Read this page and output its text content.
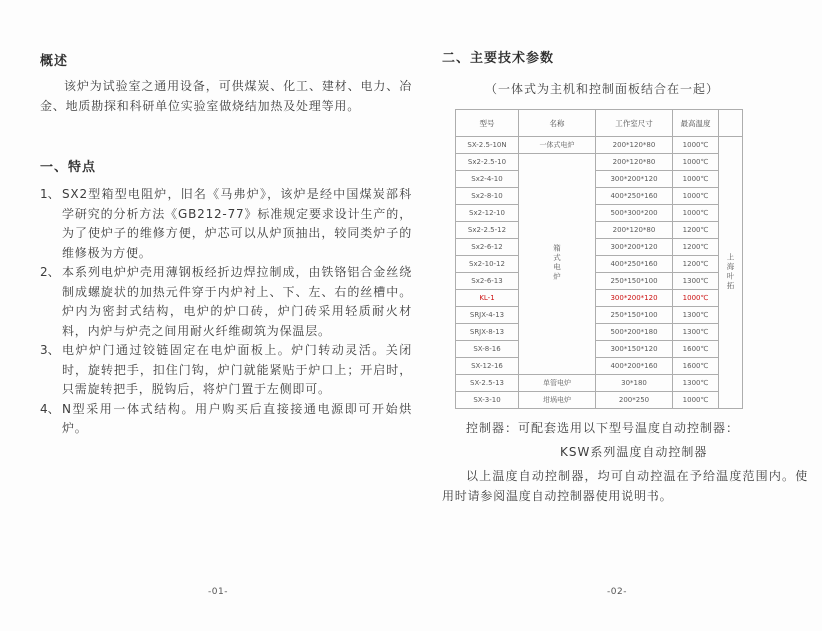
概述
该炉为试验室之通用设备，可供煤炭、化工、建材、电力、冶金、地质勘探和科研单位实验室做烧结加热及处理等用。
一、特点
1、 SX2型箱型电阻炉，旧名《马弗炉》，该炉是经中国煤炭部科学研究的分析方法《GB212-77》标准规定要求设计生产的，为了使炉子的维修方便，炉芯可以从炉顶抽出，较同类炉子的维修极为方便。
2、 本系列电炉炉壳用薄钢板经折边焊拉制成，由铁铬铝合金丝绕制成螺旋状的加热元件穿于内炉衬上、下、左、右的丝槽中。炉内为密封式结构，电炉的炉口砖，炉门砖采用轻质耐火材料，内炉与炉壳之间用耐火纤维砌筑为保温层。
3、 电炉炉门通过铰链固定在电炉面板上。炉门转动灵活。关闭时，旋转把手，扣住门钩，炉门就能紧贴于炉口上；开启时，只需旋转把手，脱钩后，将炉门置于左侧即可。
4、 N型采用一体式结构。用户购买后直接接通电源即可开始烘炉。
-01-
二、主要技术参数
（一体式为主机和控制面板结合在一起）
型号	名称	工作室尺寸	最高温度	
SX-2.5-10N	一体式电炉	200*120*80	1000℃	上海叶拓
Sx2-2.5-10	箱式电炉	200*120*80	1000℃	
Sx2-4-10		300*200*120	1000℃	
Sx2-8-10		400*250*160	1000℃	
Sx2-12-10		500*300*200	1000℃	
Sx2-2.5-12		200*120*80	1200℃	
Sx2-6-12		300*200*120	1200℃	
Sx2-10-12		400*250*160	1200℃	
Sx2-6-13		250*150*100	1300℃	
KL-1		300*200*120	1000℃	
SRJX-4-13		250*150*100	1300℃	
SRJX-8-13		500*200*180	1300℃	
SX-8-16		300*150*120	1600℃	
SX-12-16		400*200*160	1600℃	
SX-2.5-13	单管电炉	30*180	1300℃	
SX-3-10	坩埚电炉	200*250	1000℃	
控制器：可配套选用以下型号温度自动控制器：
KSW系列温度自动控制器
以上温度自动控制器，均可自动控温在予给温度范围内。使用时请参阅温度自动控制器使用说明书。
-02-
